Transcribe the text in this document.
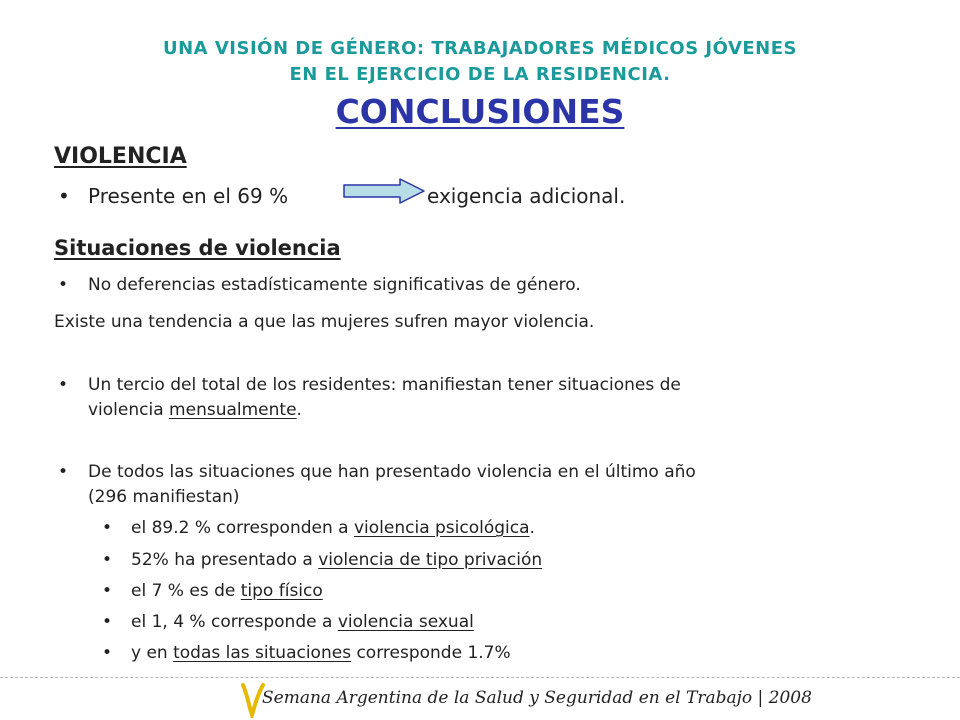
UNA VISIÓN DE GÉNERO: TRABAJADORES MÉDICOS JÓVENES
EN EL EJERCICIO DE LA RESIDENCIA.
CONCLUSIONES
VIOLENCIA
• Presente en el 69 %	exigencia adicional.
Situaciones de violencia
• No deferencias estadísticamente significativas de género.
Existe una tendencia a que las mujeres sufren mayor violencia.
• Un tercio del total de los residentes: manifiestan tener situaciones de
violencia mensualmente.
• De todos las situaciones que han presentado violencia en el último año
(296 manifiestan)
• el 89.2 % corresponden a violencia psicológica.
• 52% ha presentado a violencia de tipo privación
• el 7 % es de tipo físico
• el 1, 4 % corresponde a violencia sexual
• y en todas las situaciones corresponde 1.7%
Semana Argentina de la Salud y Seguridad en el Trabajo | 2008
